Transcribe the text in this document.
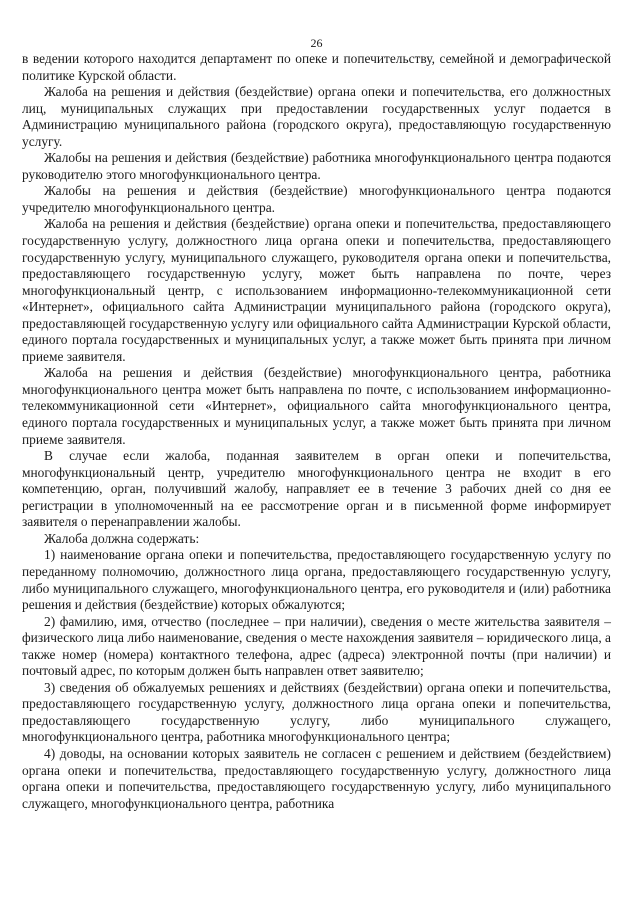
26

в ведении которого находится департамент по опеке и попечительству, семейной и демографической политике Курской области.

Жалоба на решения и действия (бездействие) органа опеки и попечительства, его должностных лиц, муниципальных служащих при предоставлении государственных услуг подается в Администрацию муниципального района (городского округа), предоставляющую государственную услугу.

Жалобы на решения и действия (бездействие) работника многофункционального центра подаются руководителю этого многофункционального центра.

Жалобы на решения и действия (бездействие) многофункционального центра подаются учредителю многофункционального центра.

Жалоба на решения и действия (бездействие) органа опеки и попечительства, предоставляющего государственную услугу, должностного лица органа опеки и попечительства, предоставляющего государственную услугу, муниципального служащего, руководителя органа опеки и попечительства, предоставляющего государственную услугу, может быть направлена по почте, через многофункциональный центр, с использованием информационно-телекоммуникационной сети «Интернет», официального сайта Администрации муниципального района (городского округа), предоставляющей государственную услугу или официального сайта Администрации Курской области, единого портала государственных и муниципальных услуг, а также может быть принята при личном приеме заявителя.

Жалоба на решения и действия (бездействие) многофункционального центра, работника многофункционального центра может быть направлена по почте, с использованием информационно-телекоммуникационной сети «Интернет», официального сайта многофункционального центра, единого портала государственных и муниципальных услуг, а также может быть принята при личном приеме заявителя.

В случае если жалоба, поданная заявителем в орган опеки и попечительства, многофункциональный центр, учредителю многофункционального центра не входит в его компетенцию, орган, получивший жалобу, направляет ее в течение 3 рабочих дней со дня ее регистрации в уполномоченный на ее рассмотрение орган и в письменной форме информирует заявителя о перенаправлении жалобы.

Жалоба должна содержать:

1) наименование органа опеки и попечительства, предоставляющего государственную услугу по переданному полномочию, должностного лица органа, предоставляющего государственную услугу, либо муниципального служащего, многофункционального центра, его руководителя и (или) работника решения и действия (бездействие) которых обжалуются;

2) фамилию, имя, отчество (последнее – при наличии), сведения о месте жительства заявителя – физического лица либо наименование, сведения о месте нахождения заявителя – юридического лица, а также номер (номера) контактного телефона, адрес (адреса) электронной почты (при наличии) и почтовый адрес, по которым должен быть направлен ответ заявителю;

3) сведения об обжалуемых решениях и действиях (бездействии) органа опеки и попечительства, предоставляющего государственную услугу, должностного лица органа опеки и попечительства, предоставляющего государственную услугу, либо муниципального служащего, многофункционального центра, работника многофункционального центра;

4) доводы, на основании которых заявитель не согласен с решением и действием (бездействием) органа опеки и попечительства, предоставляющего государственную услугу, должностного лица органа опеки и попечительства, предоставляющего государственную услугу, либо муниципального служащего, многофункционального центра, работника
